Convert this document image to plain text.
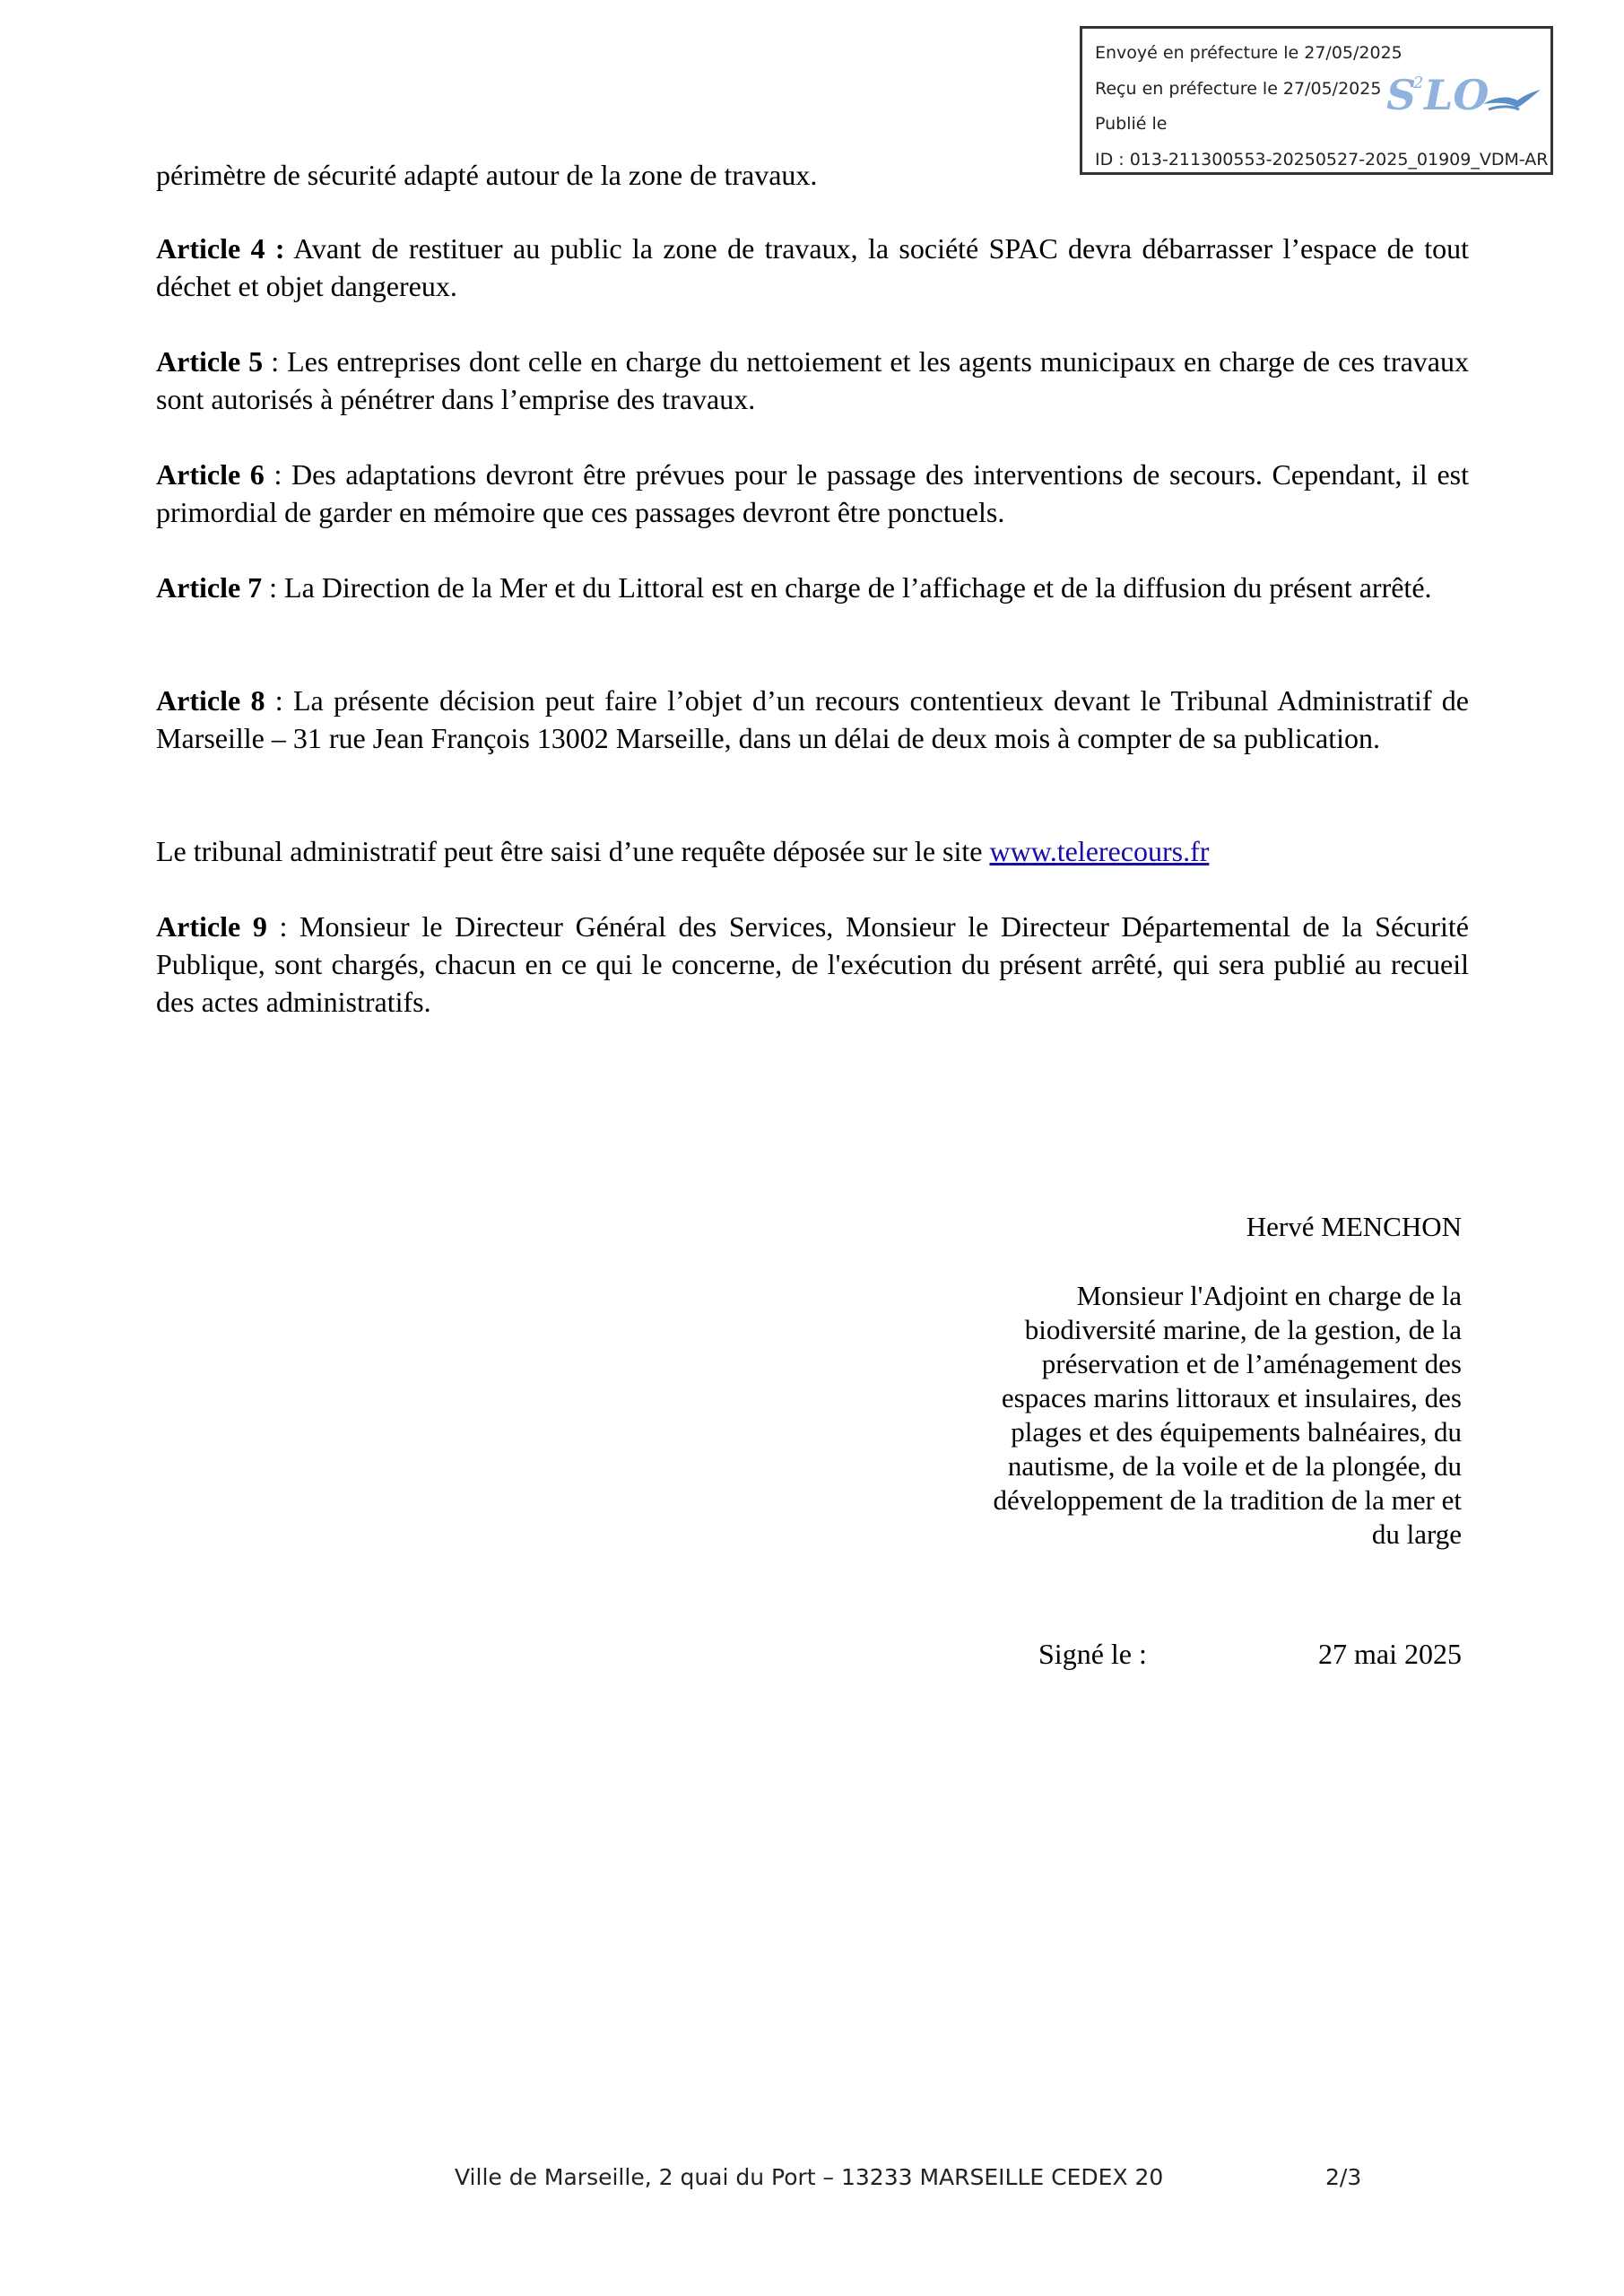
Envoyé en préfecture le 27/05/2025
Reçu en préfecture le 27/05/2025
Publié le
ID : 013-211300553-20250527-2025_01909_VDM-AR
S
2 LO
périmètre de sécurité adapté autour de la zone de travaux.
Article 4 : Avant de restituer au public la zone de travaux, la société SPAC devra débarrasser l’espace de tout déchet et objet dangereux.
Article 5 : Les entreprises dont celle en charge du nettoiement et les agents municipaux en charge de ces travaux sont autorisés à pénétrer dans l’emprise des travaux.
Article 6 : Des adaptations devront être prévues pour le passage des interventions de secours. Cependant, il est primordial de garder en mémoire que ces passages devront être ponctuels.
Article 7 : La Direction de la Mer et du Littoral est en charge de l’affichage et de la diffusion du présent arrêté.
Article 8 : La présente décision peut faire l’objet d’un recours contentieux devant le Tribunal Administratif de Marseille – 31 rue Jean François 13002 Marseille, dans un délai de deux mois à compter de sa publication.
Le tribunal administratif peut être saisi d’une requête déposée sur le site www.telerecours.fr
Article 9 : Monsieur le Directeur Général des Services, Monsieur le Directeur Départemental de la Sécurité Publique, sont chargés, chacun en ce qui le concerne, de l'exécution du présent arrêté, qui sera publié au recueil des actes administratifs.
Hervé MENCHON
Monsieur l'Adjoint en charge de la
biodiversité marine, de la gestion, de la
préservation et de l’aménagement des
espaces marins littoraux et insulaires, des
plages et des équipements balnéaires, du
nautisme, de la voile et de la plongée, du
développement de la tradition de la mer et
du large
Signé le :	27 mai 2025
Ville de Marseille, 2 quai du Port – 13233 MARSEILLE CEDEX 20	2/3
